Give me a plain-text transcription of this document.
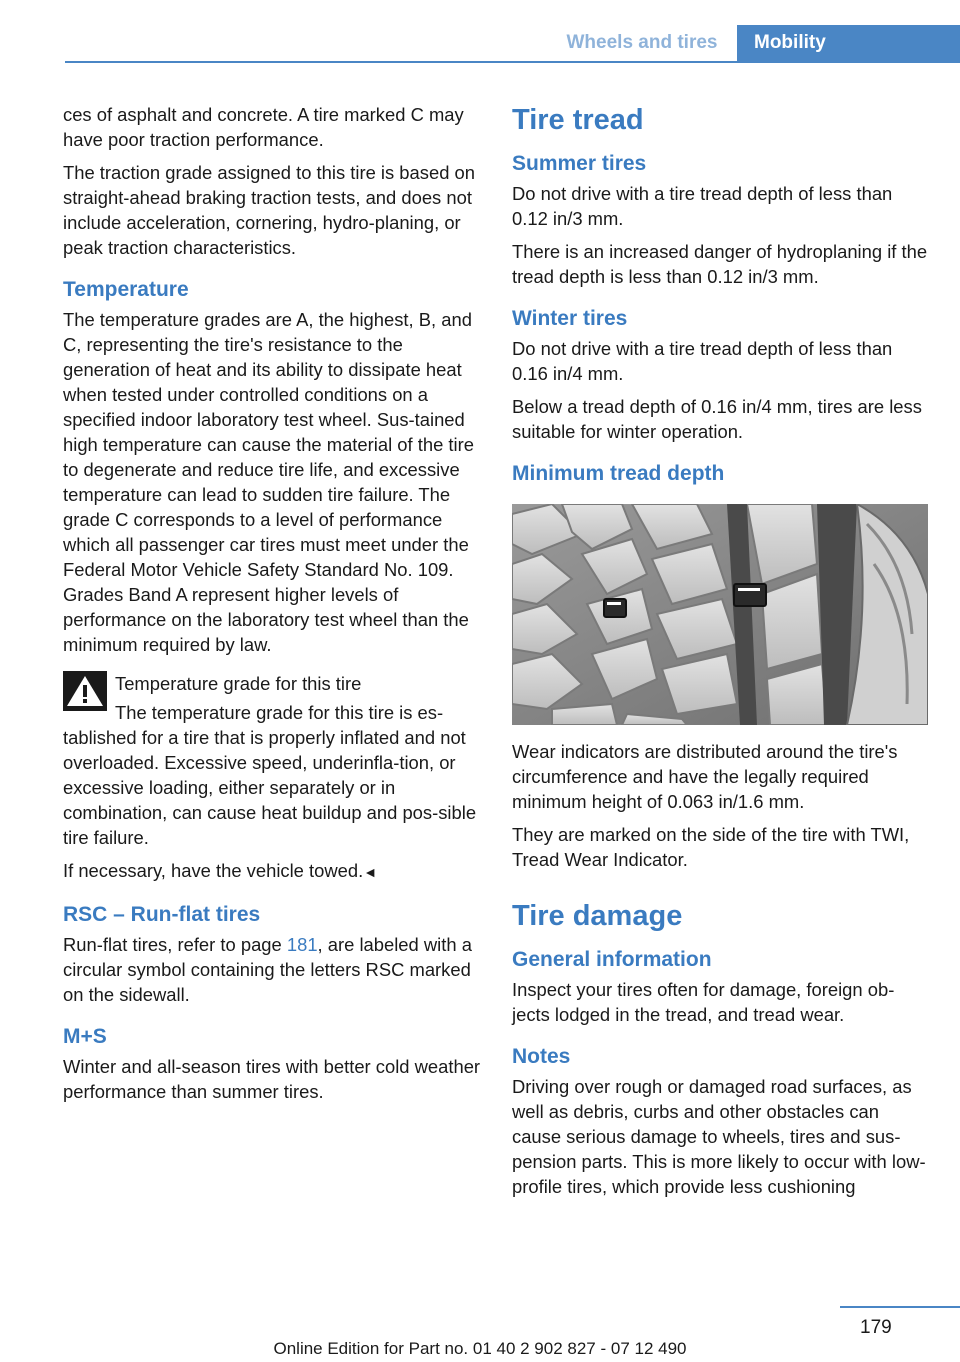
Wheels and tires	Mobility

ces of asphalt and concrete. A tire marked C may have poor traction performance.

The traction grade assigned to this tire is based on straight-ahead braking traction tests, and does not include acceleration, cornering, hydro-planing, or peak traction characteristics.

Temperature

The temperature grades are A, the highest, B, and C, representing the tire's resistance to the generation of heat and its ability to dissipate heat when tested under controlled conditions on a specified indoor laboratory test wheel. Sus-tained high temperature can cause the material of the tire to degenerate and reduce tire life, and excessive temperature can lead to sudden tire failure. The grade C corresponds to a level of performance which all passenger car tires must meet under the Federal Motor Vehicle Safety Standard No. 109. Grades Band A represent higher levels of performance on the laboratory test wheel than the minimum required by law.

Temperature grade for this tire

The temperature grade for this tire is es-tablished for a tire that is properly inflated and not overloaded. Excessive speed, underinfla-tion, or excessive loading, either separately or in combination, can cause heat buildup and pos-sible tire failure.

If necessary, have the vehicle towed.◄

RSC – Run-flat tires

Run-flat tires, refer to page 181, are labeled with a circular symbol containing the letters RSC marked on the sidewall.

M+S

Winter and all-season tires with better cold weather performance than summer tires.

Tire tread
Summer tires

Do not drive with a tire tread depth of less than 0.12 in/3 mm.

There is an increased danger of hydroplaning if the tread depth is less than 0.12 in/3 mm.

Winter tires

Do not drive with a tire tread depth of less than 0.16 in/4 mm.

Below a tread depth of 0.16 in/4 mm, tires are less suitable for winter operation.

Minimum tread depth

Wear indicators are distributed around the tire's circumference and have the legally required minimum height of 0.063 in/1.6 mm.

They are marked on the side of the tire with TWI, Tread Wear Indicator.

Tire damage
General information

Inspect your tires often for damage, foreign ob-jects lodged in the tread, and tread wear.

Notes

Driving over rough or damaged road surfaces, as well as debris, curbs and other obstacles can cause serious damage to wheels, tires and sus-pension parts. This is more likely to occur with low-profile tires, which provide less cushioning

179
Online Edition for Part no. 01 40 2 902 827 - 07 12 490
